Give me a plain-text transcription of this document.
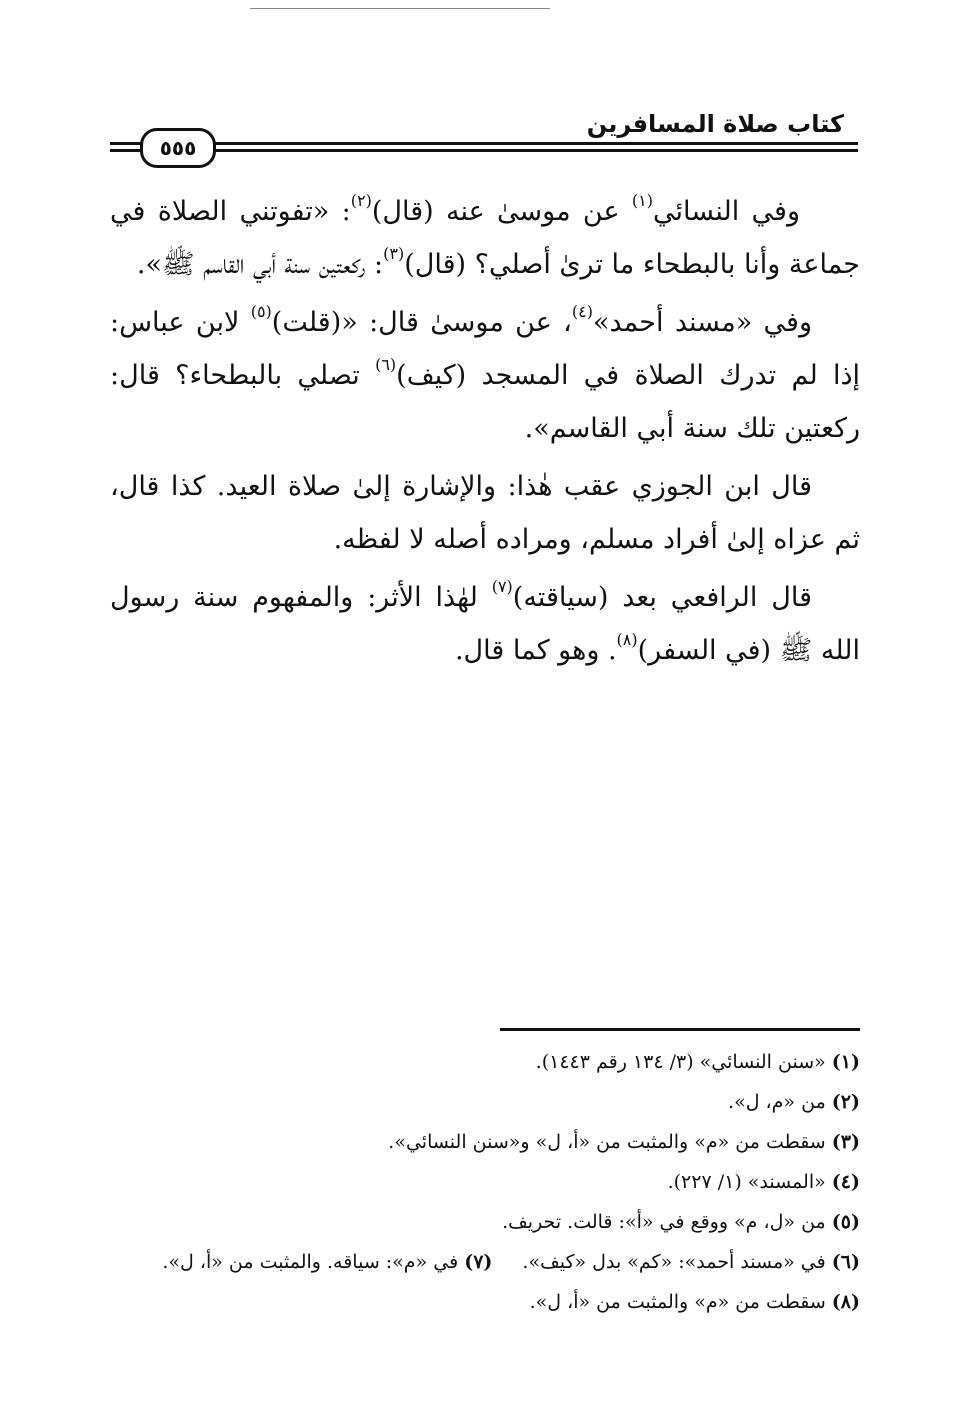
كتاب صلاة المسافرين
٥٥٥

وفي النسائي$^{(١)}$ عن موسىٰ عنه (قال)$^{(٢)}$: «تفوتني الصلاة في جماعة وأنا بالبطحاء ما ترىٰ أصلي؟ (قال)$^{(٣)}$: ركعتين سنة أبي القاسم ﷺ».

وفي «مسند أحمد»$^{(٤)}$، عن موسىٰ قال: «(قلت)$^{(٥)}$ لابن عباس: إذا لم تدرك الصلاة في المسجد (كيف)$^{(٦)}$ تصلي بالبطحاء؟ قال: ركعتين تلك سنة أبي القاسم».

قال ابن الجوزي عقب هٰذا: والإشارة إلىٰ صلاة العيد. كذا قال، ثم عزاه إلىٰ أفراد مسلم، ومراده أصله لا لفظه.

قال الرافعي بعد (سياقته)$^{(٧)}$ لهٰذا الأثر: والمفهوم سنة رسول الله ﷺ (في السفر)$^{(٨)}$. وهو كما قال.

(١) «سنن النسائي» (٣/ ١٣٤ رقم ١٤٤٣).
(٢) من «م، ل».
(٣) سقطت من «م» والمثبت من «أ، ل» و«سنن النسائي».
(٤) «المسند» (١/ ٢٢٧).
(٥) من «ل، م» ووقع في «أ»: قالت. تحريف.
(٦) في «مسند أحمد»: «كم» بدل «كيف».(٧) في «م»: سياقه. والمثبت من «أ، ل».
(٨) سقطت من «م» والمثبت من «أ، ل».
